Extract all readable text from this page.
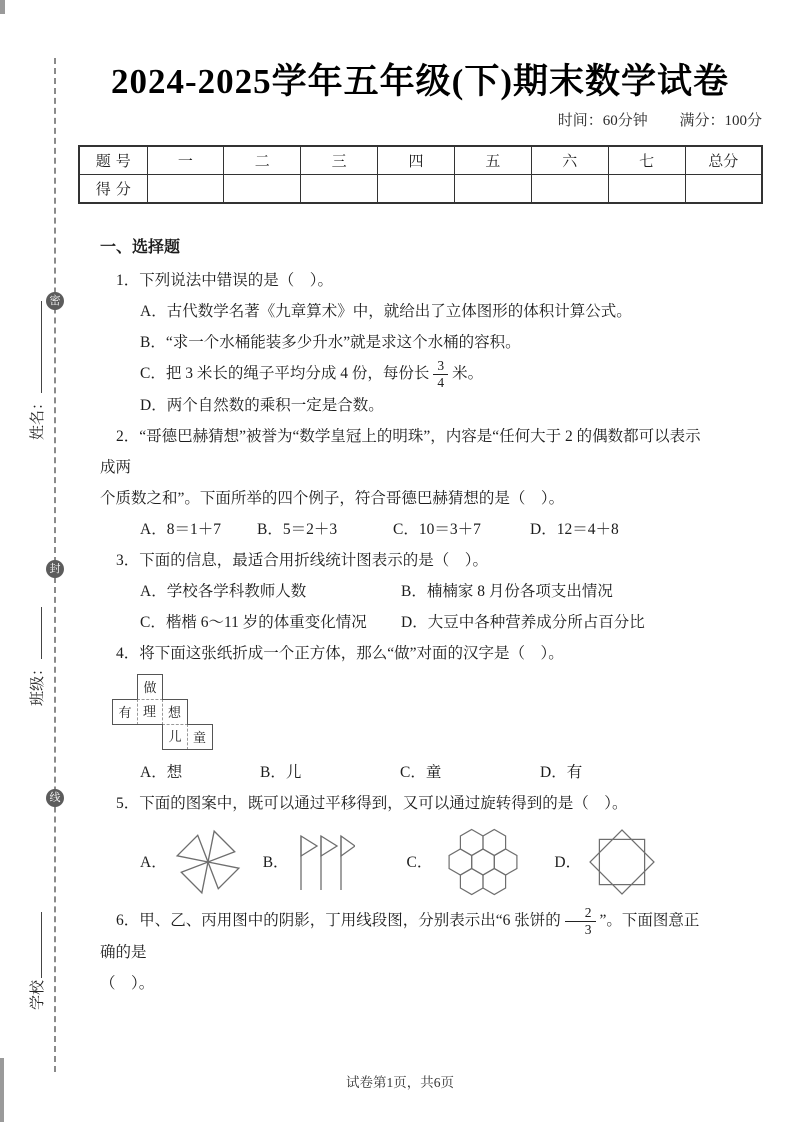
密
封
线
姓名：
班级：
学校
2024-2025学年五年级(下)期末数学试卷
时间：60分钟 满分：100分
题号	一	二	三	四	五	六	七	总分
得分								
一、选择题
1．下列说法中错误的是（　）。
A．古代数学名著《九章算术》中，就给出了立体图形的体积计算公式。
B．“求一个水桶能装多少升水”就是求这个水桶的容积。
C．把 3 米长的绳子平均分成 4 份，每份长 $\frac{3}{4}$ 米。
D．两个自然数的乘积一定是合数。
2．“哥德巴赫猜想”被誉为“数学皇冠上的明珠”，内容是“任何大于 2 的偶数都可以表示成两
个质数之和”。下面所举的四个例子，符合哥德巴赫猜想的是（　）。
A．8＝1＋7	B．5＝2＋3	C．10＝3＋7	D．12＝4＋8
3．下面的信息，最适合用折线统计图表示的是（　）。
A．学校各学科教师人数	B．楠楠家 8 月份各项支出情况
C．楷楷 6～11 岁的体重变化情况	D．大豆中各种营养成分所占百分比
4．将下面这张纸折成一个正方体，那么“做”对面的汉字是（　）。
做
有 理 想
儿 童
A．想	B．儿	C．童	D．有
5．下面的图案中，既可以通过平移得到，又可以通过旋转得到的是（　）。
A．	B．	C．	D．
6．甲、乙、丙用图中的阴影，丁用线段图，分别表示出“6 张饼的 $\frac{2}{3}$ ”。下面图意正确的是
（　）。
试卷第1页，共6页
